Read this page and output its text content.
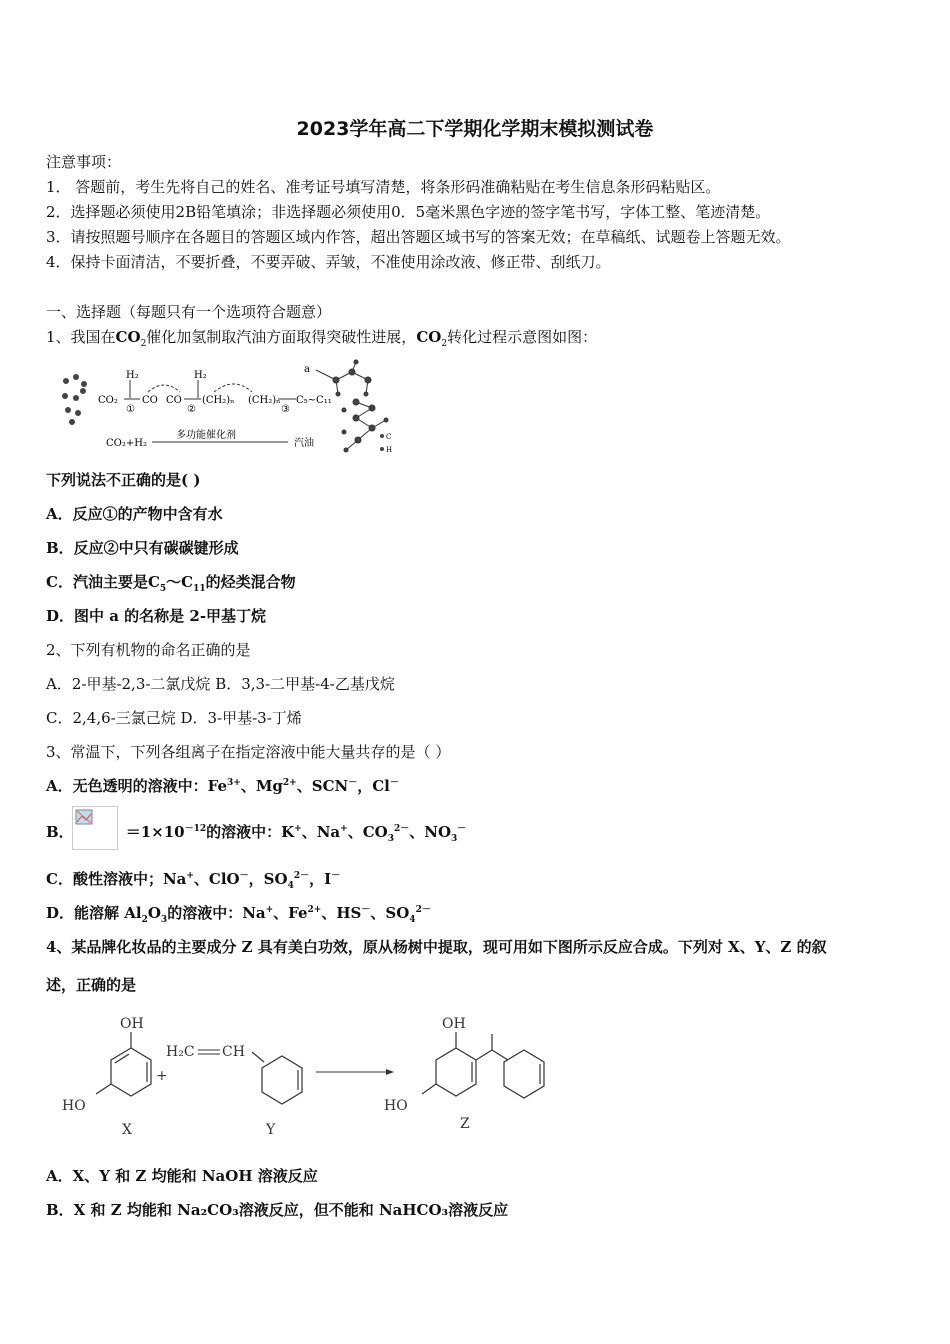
2023学年高二下学期化学期末模拟测试卷
注意事项：
1． 答题前，考生先将自己的姓名、准考证号填写清楚，将条形码准确粘贴在考生信息条形码粘贴区。
2．选择题必须使用2B铅笔填涂；非选择题必须使用0．5毫米黑色字迹的签字笔书写，字体工整、笔迹清楚。
3．请按照题号顺序在各题目的答题区域内作答，超出答题区域书写的答案无效；在草稿纸、试题卷上答题无效。
4．保持卡面清洁，不要折叠，不要弄破、弄皱，不准使用涂改液、修正带、刮纸刀。
一、选择题（每题只有一个选项符合题意）
1、我国在$CO_2$催化加氢制取汽油方面取得突破性进展，$CO_2$转化过程示意图如图：
CO₂
H₂
①
CO CO
H₂
②
(CH₂)ₙ (CH₂)ₙ
③
C₅~C₁₁
a
CO₂+H₂
多功能催化剂
汽油
C
H
下列说法不正确的是( )
A．反应①的产物中含有水
B．反应②中只有碳碳键形成
C．汽油主要是$C_5\sim C_{11}$的烃类混合物
D．图中 a 的名称是 2-甲基丁烷
2、下列有机物的命名正确的是
A．2-甲基-2,3-二氯戊烷 B．3,3-二甲基-4-乙基戊烷
C．2,4,6-三氯己烷 D．3-甲基-3-丁烯
3、常温下，下列各组离子在指定溶液中能大量共存的是（ ）
A．无色透明的溶液中：$Fe^{3+}$、$Mg^{2+}$、SCN－，Cl－
B．	$=1\times 10^{-12}$的溶液中：K+、Na+、$CO_3^{2-}$、$NO_3^-$
C．酸性溶液中；Na+、ClO－，$SO_4^{2-}$，I－
D．能溶解 $Al_2O_3$的溶液中：Na+、$Fe^{2+}$、HS－、$SO_4^{2-}$
4、某品牌化妆品的主要成分 Z 具有美白功效，原从杨树中提取，现可用如下图所示反应合成。下列对 X、Y、Z 的叙
述，正确的是
OH
HO
X
+
H₂C CH
Y
OH
HO
Z
A．X、Y 和 Z 均能和 NaOH 溶液反应
B．X 和 Z 均能和 Na₂CO₃溶液反应，但不能和 NaHCO₃溶液反应
